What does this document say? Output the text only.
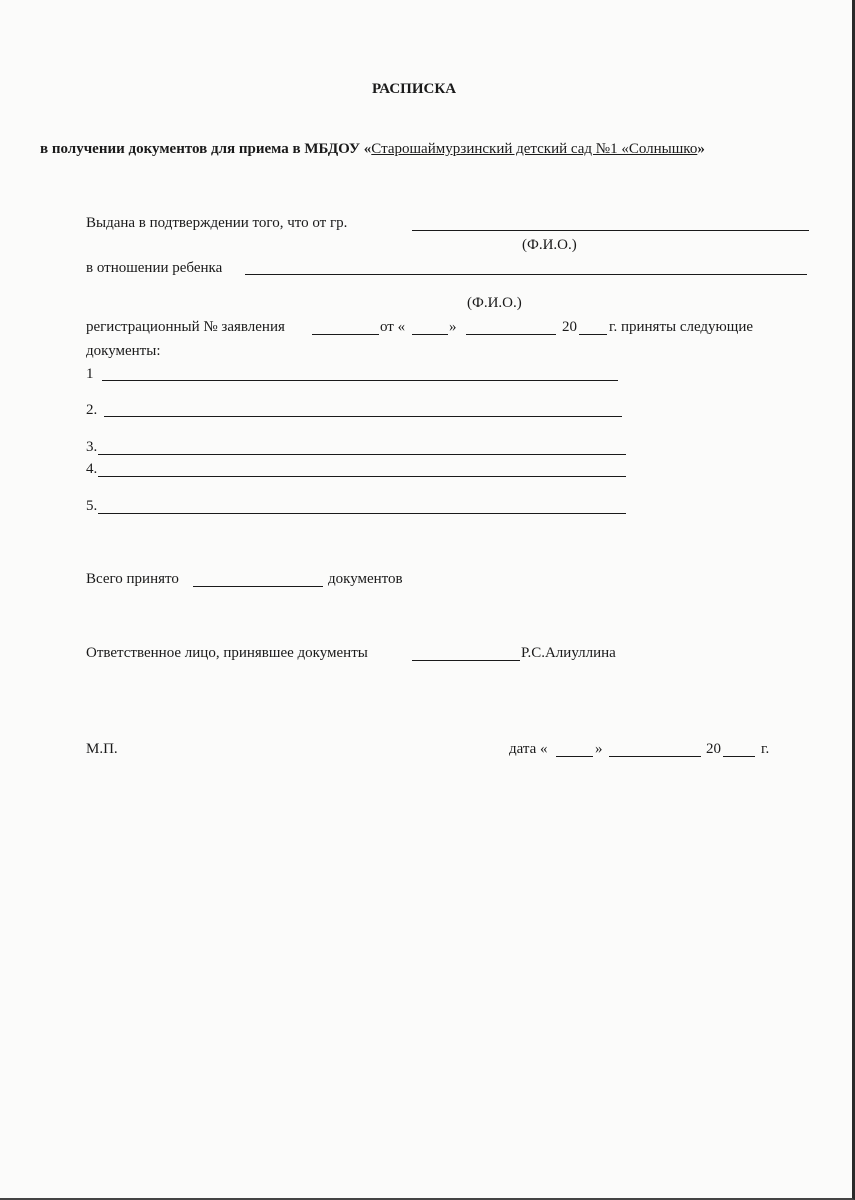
РАСПИСКА
в получении документов для приема в МБДОУ «Старошаймурзинский детский сад №1 «Солнышко»
Выдана в подтверждении того, что от гр.
(Ф.И.О.)
в отношении ребенка
(Ф.И.О.)
регистрационный № заявления	от «	»	20 г. приняты следующие
документы:
1
2.
3.
4.
5.
Всего принято	документов
Ответственное лицо, принявшее документы	Р.С.Алиуллина
М.П.	дата «	»	20	г.
